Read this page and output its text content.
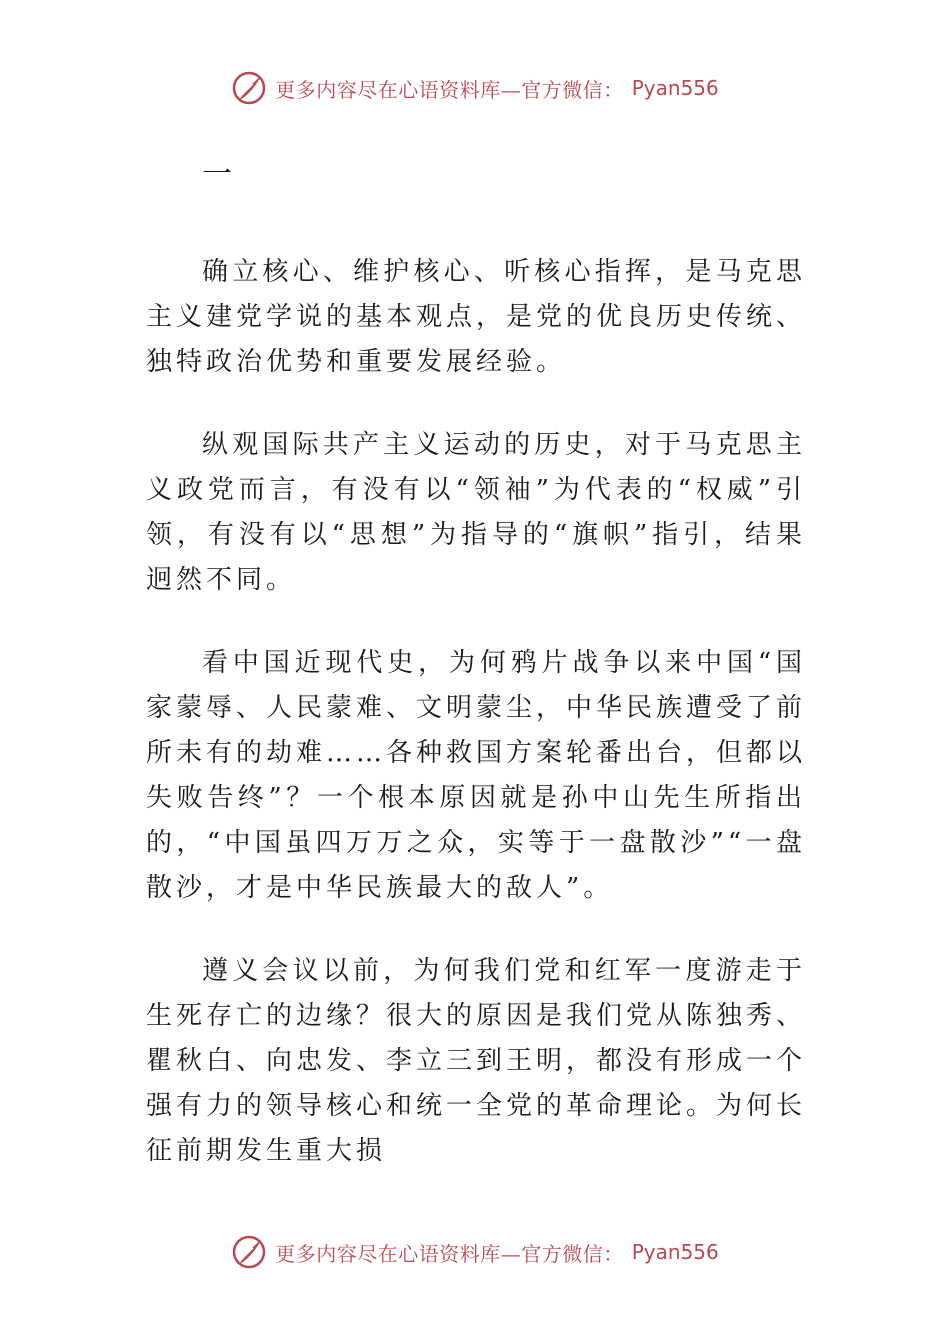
更多内容尽在心语资料库—官方微信： Pyan556
一

确立核心、维护核心、听核心指挥，是马克思主义建党学说的基本观点，是党的优良历史传统、独特政治优势和重要发展经验。

纵观国际共产主义运动的历史，对于马克思主义政党而言，有没有以“领袖”为代表的“权威”引领，有没有以“思想”为指导的“旗帜”指引，结果迥然不同。

看中国近现代史，为何鸦片战争以来中国“国家蒙辱、人民蒙难、文明蒙尘，中华民族遭受了前所未有的劫难……各种救国方案轮番出台，但都以失败告终”？一个根本原因就是孙中山先生所指出的，“中国虽四万万之众，实等于一盘散沙”“一盘散沙，才是中华民族最大的敌人”。

遵义会议以前，为何我们党和红军一度游走于生死存亡的边缘？很大的原因是我们党从陈独秀、瞿秋白、向忠发、李立三到王明，都没有形成一个强有力的领导核心和统一全党的革命理论。为何长征前期发生重大损

更多内容尽在心语资料库—官方微信： Pyan556
